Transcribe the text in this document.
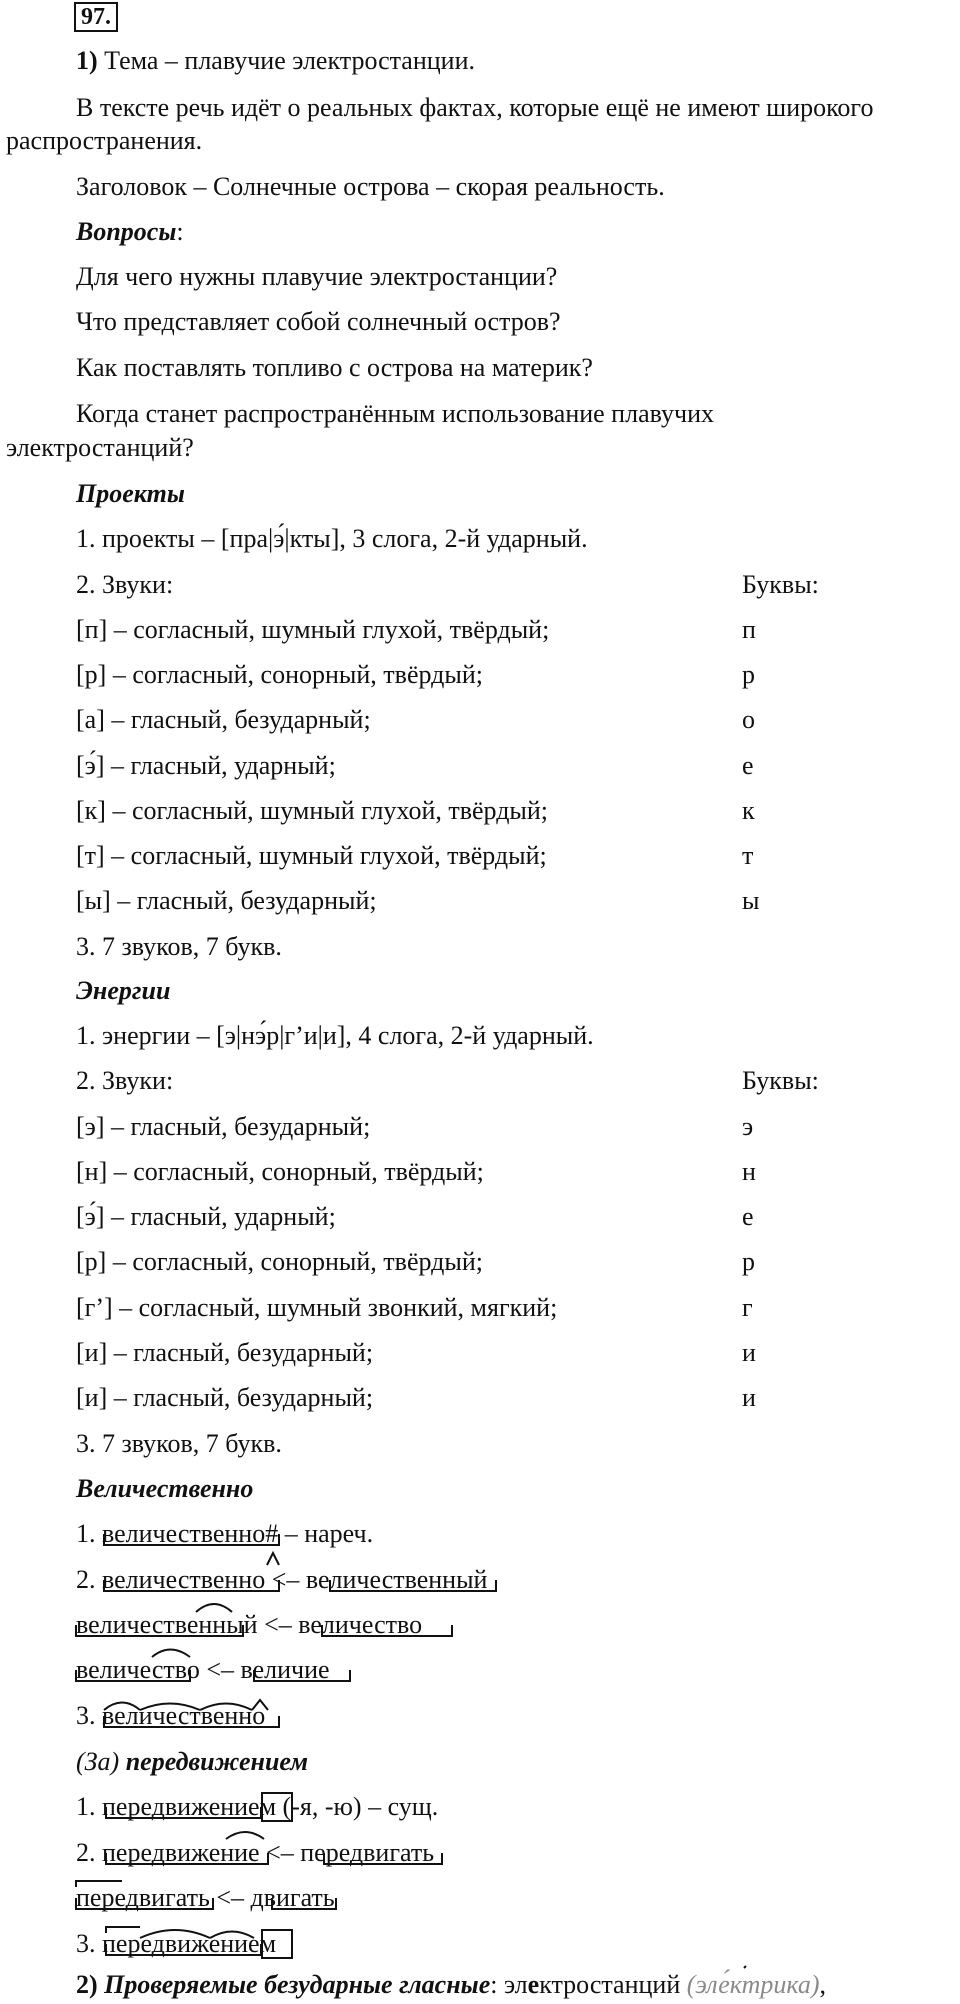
97.
1) Тема – плавучие электростанции.
В тексте речь идёт о реальных фактах, которые ещё не имеют широкого
распространения.
Заголовок – Солнечные острова – скорая реальность.
Вопросы:
Для чего нужны плавучие электростанции?
Что представляет собой солнечный остров?
Как поставлять топливо с острова на материк?
Когда станет распространённым использование плавучих
электростанций?
Проекты
1. проекты – [пра|э́|кты], 3 слога, 2-й ударный.
2. Звуки:	Буквы:
[п] – согласный, шумный глухой, твёрдый;	п
[р] – согласный, сонорный, твёрдый;	р
[а] – гласный, безударный;	о
[э́] – гласный, ударный;	е
[к] – согласный, шумный глухой, твёрдый;	к
[т] – согласный, шумный глухой, твёрдый;	т
[ы] – гласный, безударный;	ы
3. 7 звуков, 7 букв.
Энергии
1. энергии – [э|нэ́р|г’и|и], 4 слога, 2-й ударный.
2. Звуки:	Буквы:
[э] – гласный, безударный;	э
[н] – согласный, сонорный, твёрдый;	н
[э́] – гласный, ударный;	е
[р] – согласный, сонорный, твёрдый;	р
[г’] – согласный, шумный звонкий, мягкий;	г
[и] – гласный, безударный;	и
[и] – гласный, безударный;	и
3. 7 звуков, 7 букв.
Величественно
1. величественно# – нареч.
2. величественно <– величественный
величественный <– величество
величество <– величие
3. величественно
(За) передвижением
1. передвижением (-я, -ю) – сущ.
2. передвижение <– передвигать
передвигать <– двигать
3. передвижением
2) Проверяемые безударные гласные: электростанций (эле́ктрика),
